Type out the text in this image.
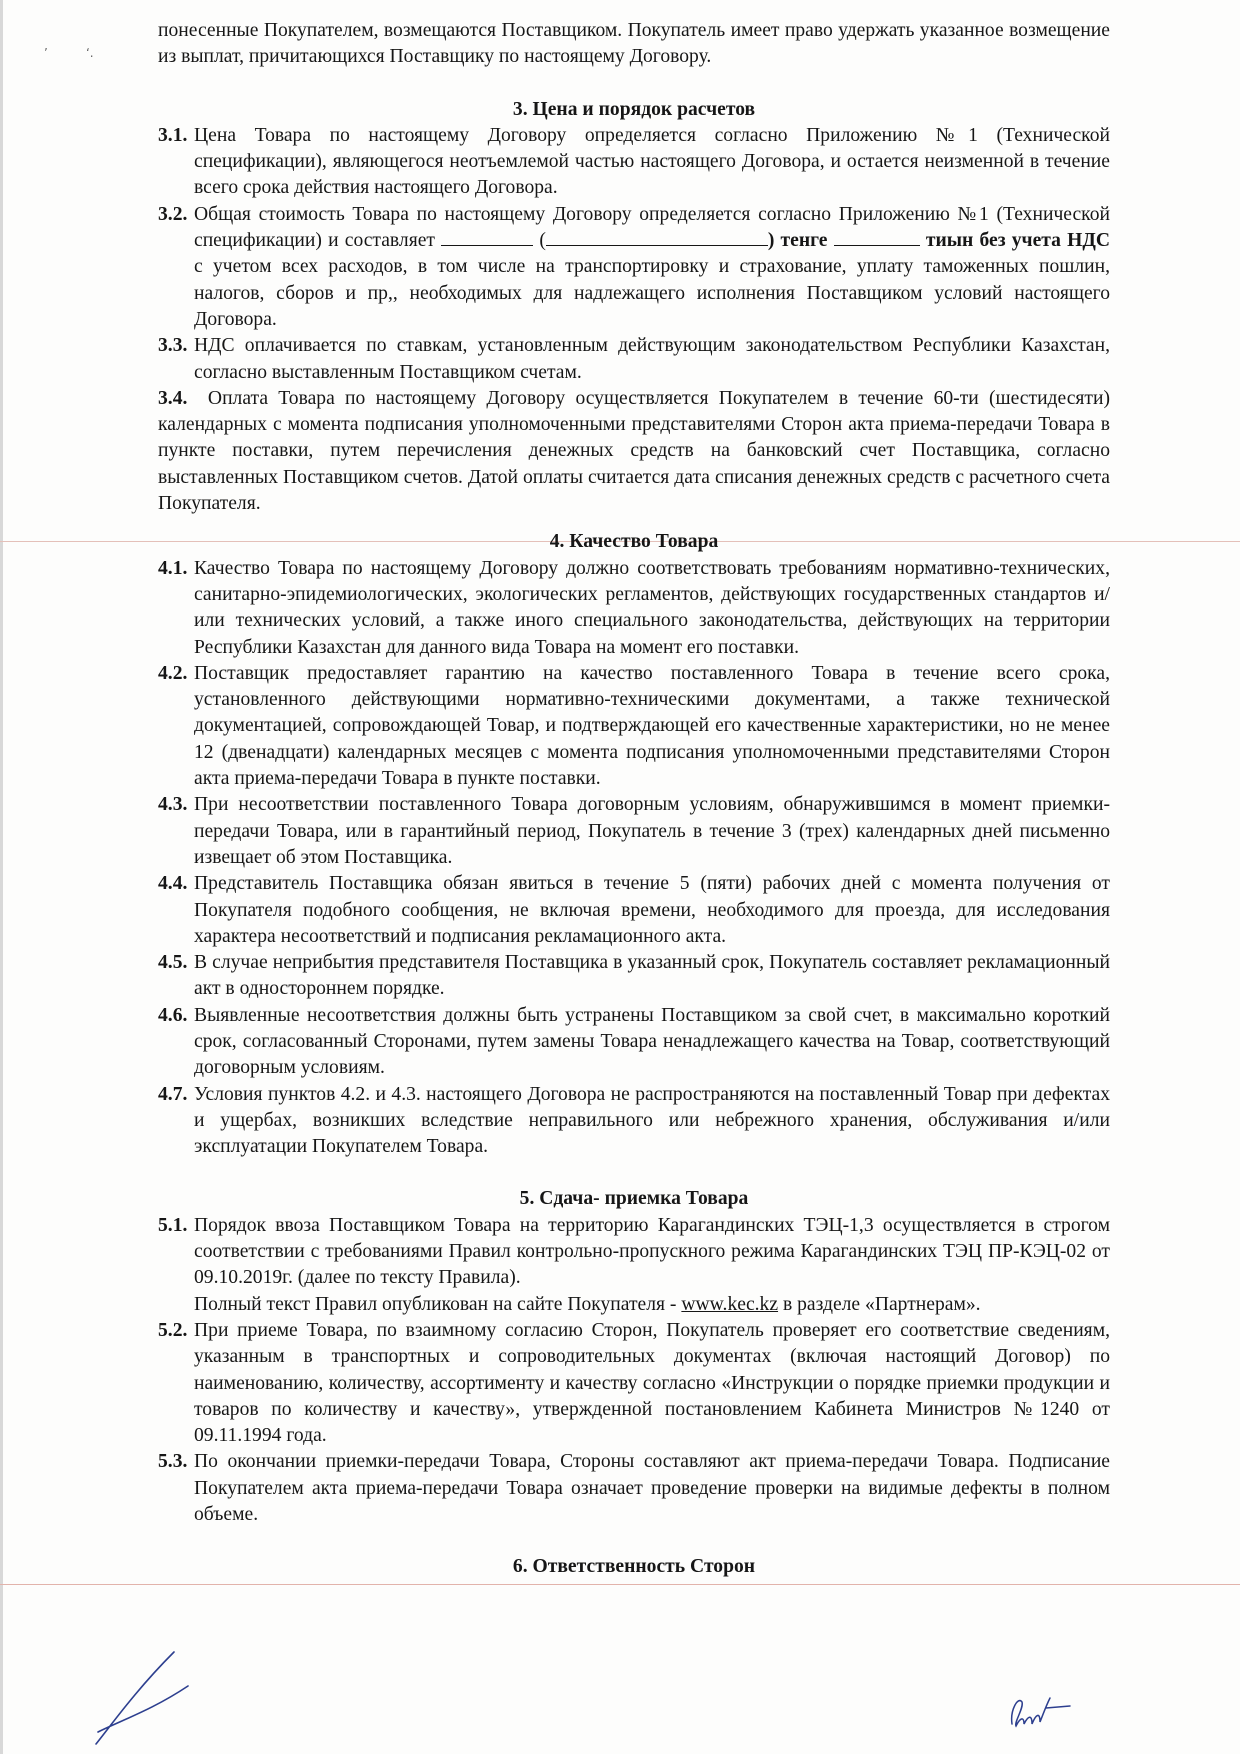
’          ‘.

понесенные Покупателем, возмещаются Поставщиком. Покупатель имеет право удержать указанное возмещение из выплат, причитающихся Поставщику по настоящему Договору.

3. Цена и порядок расчетов

3.1. Цена Товара по настоящему Договору определяется согласно Приложению №1 (Технической спецификации), являющегося неотъемлемой частью настоящего Договора, и остается неизменной в течение всего срока действия настоящего Договора.
3.2. Общая стоимость Товара по настоящему Договору определяется согласно Приложению №1 (Технической спецификации) и составляет	(	) тенге	тиын без учета НДС с учетом всех расходов, в том числе на транспортировку и страхование, уплату таможенных пошлин, налогов, сборов и пр,, необходимых для надлежащего исполнения Поставщиком условий настоящего Договора.
3.3. НДС оплачивается по ставкам, установленным действующим законодательством Республики Казахстан, согласно выставленным Поставщиком счетам.

3.4. Оплата Товара по настоящему Договору осуществляется Покупателем в течение 60-ти (шестидесяти) календарных с момента подписания уполномоченными представителями Сторон акта приема-передачи Товара в пункте поставки, путем перечисления денежных средств на банковский счет Поставщика, согласно выставленных Поставщиком счетов. Датой оплаты считается дата списания денежных средств с расчетного счета Покупателя.

4. Качество Товара

4.1. Качество Товара по настоящему Договору должно соответствовать требованиям нормативно-технических, санитарно-эпидемиологических, экологических регламентов, действующих государственных стандартов и/или технических условий, а также иного специального законодательства, действующих на территории Республики Казахстан для данного вида Товара на момент его поставки.
4.2. Поставщик предоставляет гарантию на качество поставленного Товара в течение всего срока, установленного действующими нормативно-техническими документами, а также технической документацией, сопровождающей Товар, и подтверждающей его качественные характеристики, но не менее 12 (двенадцати) календарных месяцев с момента подписания уполномоченными представителями Сторон акта приема-передачи Товара в пункте поставки.
4.3. При несоответствии поставленного Товара договорным условиям, обнаружившимся в момент приемки-передачи Товара, или в гарантийный период, Покупатель в течение 3 (трех) календарных дней письменно извещает об этом Поставщика.
4.4. Представитель Поставщика обязан явиться в течение 5 (пяти) рабочих дней с момента получения от Покупателя подобного сообщения, не включая времени, необходимого для проезда, для исследования характера несоответствий и подписания рекламационного акта.
4.5. В случае неприбытия представителя Поставщика в указанный срок, Покупатель составляет рекламационный акт в одностороннем порядке.
4.6. Выявленные несоответствия должны быть устранены Поставщиком за свой счет, в максимально короткий срок, согласованный Сторонами, путем замены Товара ненадлежащего качества на Товар, соответствующий договорным условиям.
4.7. Условия пунктов 4.2. и 4.3. настоящего Договора не распространяются на поставленный Товар при дефектах и ущербах, возникших вследствие неправильного или небрежного хранения, обслуживания и/или эксплуатации Покупателем Товара.

5. Сдача- приемка Товара

5.1. Порядок ввоза Поставщиком Товара на территорию Карагандинских ТЭЦ-1,3 осуществляется в строгом соответствии с требованиями Правил контрольно-пропускного режима Карагандинских ТЭЦ ПР-КЭЦ-02 от 09.10.2019г. (далее по тексту Правила).
Полный текст Правил опубликован на сайте Покупателя - www.kec.kz в разделе «Партнерам».
5.2. При приеме Товара, по взаимному согласию Сторон, Покупатель проверяет его соответствие сведениям, указанным в транспортных и сопроводительных документах (включая настоящий Договор) по наименованию, количеству, ассортименту и качеству согласно «Инструкции о порядке приемки продукции и товаров по количеству и качеству», утвержденной постановлением Кабинета Министров №1240 от 09.11.1994 года.
5.3. По окончании приемки-передачи Товара, Стороны составляют акт приема-передачи Товара. Подписание Покупателем акта приема-передачи Товара означает проведение проверки на видимые дефекты в полном объеме.

6. Ответственность Сторон
